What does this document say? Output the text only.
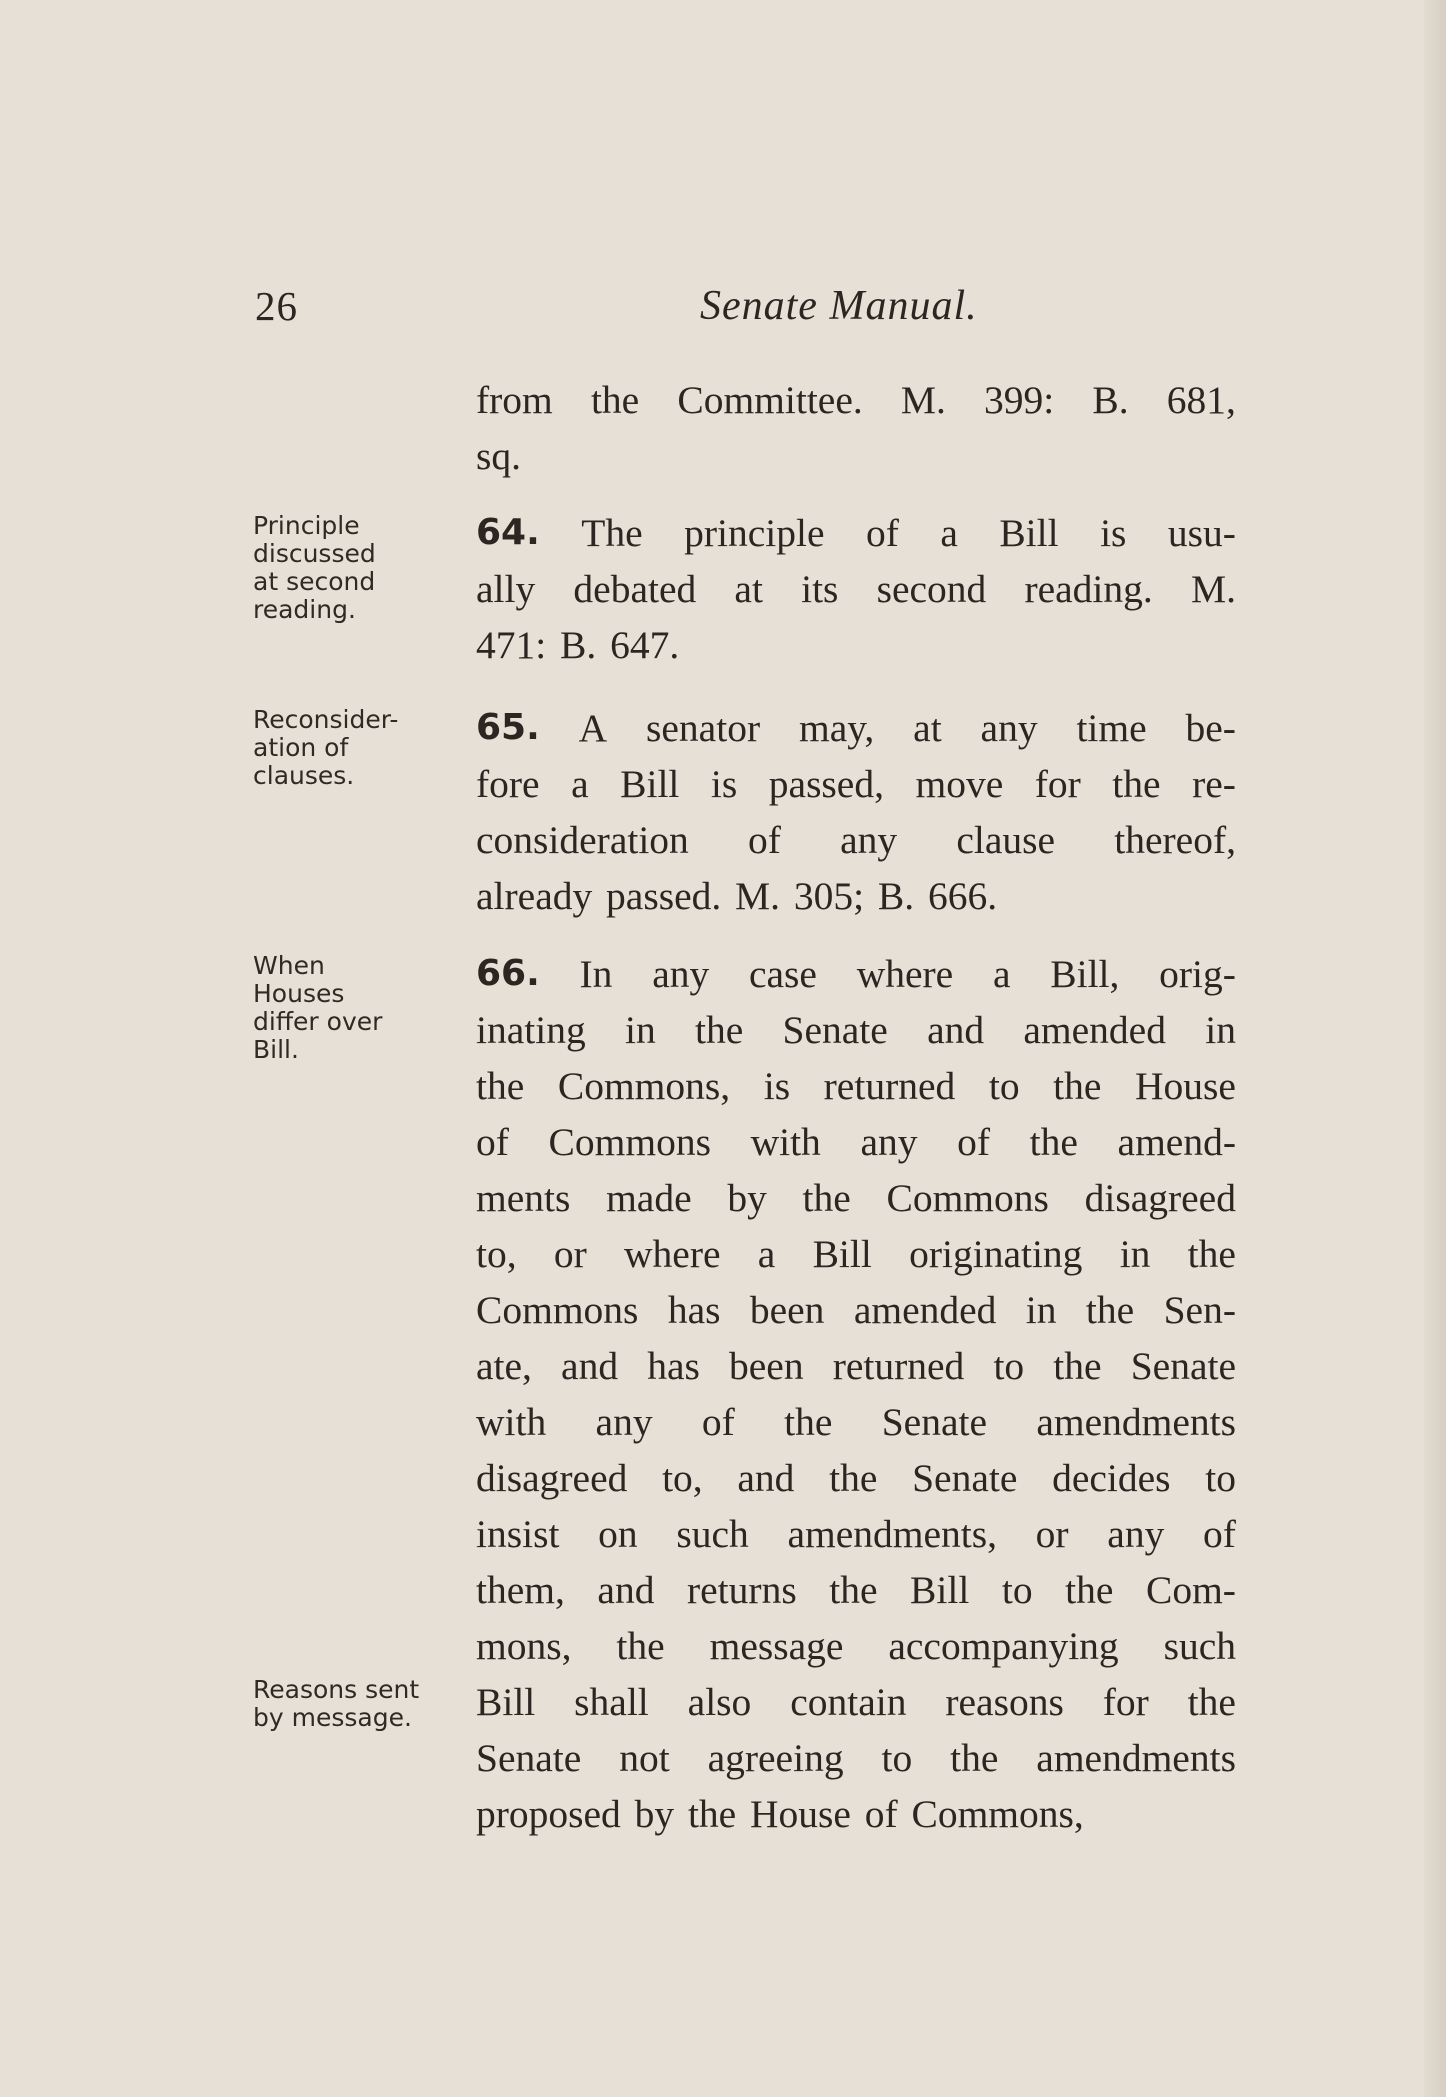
26	Senate Manual.
Principle
discussed
at second
reading.
Reconsider-
ation of
clauses.
When
Houses
differ over
Bill.
Reasons sent
by message.
from the Committee. M. 399: B. 681,
sq.
64. The principle of a Bill is usu-
ally debated at its second reading. M.
471: B. 647.
65. A senator may, at any time be-
fore a Bill is passed, move for the re-
consideration of any clause thereof,
already passed. M. 305; B. 666.
66. In any case where a Bill, orig-
inating in the Senate and amended in
the Commons, is returned to the House
of Commons with any of the amend-
ments made by the Commons disagreed
to, or where a Bill originating in the
Commons has been amended in the Sen-
ate, and has been returned to the Senate
with any of the Senate amendments
disagreed to, and the Senate decides to
insist on such amendments, or any of
them, and returns the Bill to the Com-
mons, the message accompanying such
Bill shall also contain reasons for the
Senate not agreeing to the amendments
proposed by the House of Commons,
